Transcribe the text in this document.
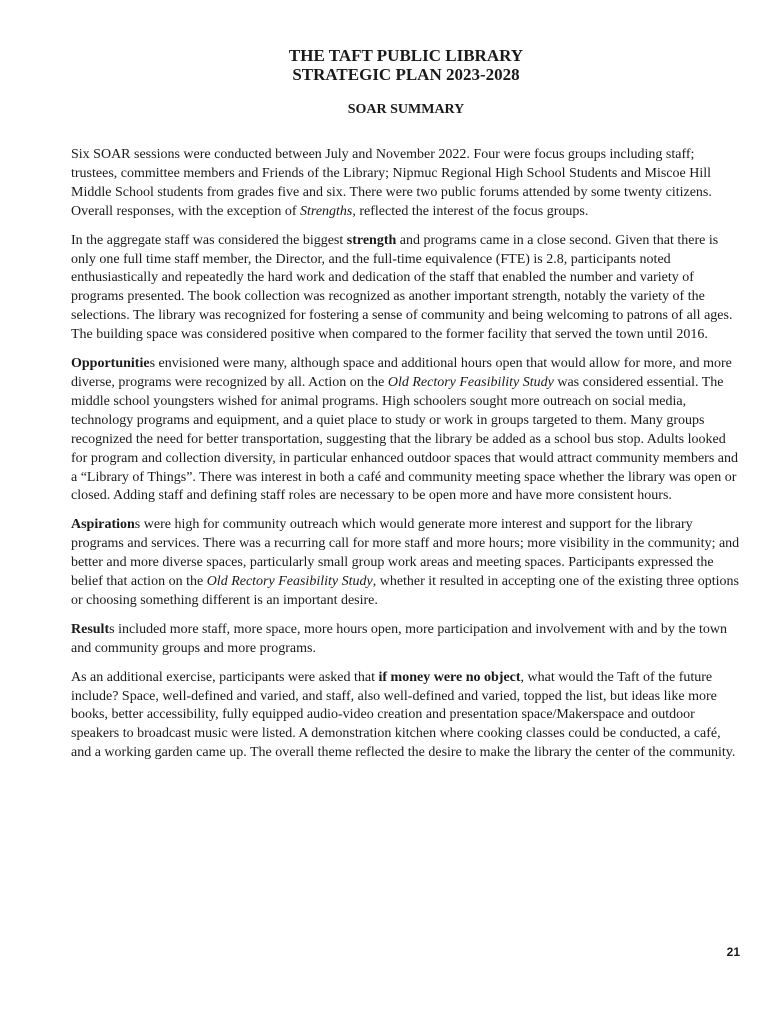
THE TAFT PUBLIC LIBRARY
STRATEGIC PLAN 2023-2028
SOAR SUMMARY

Six SOAR sessions were conducted between July and November 2022. Four were focus groups including staff; trustees, committee members and Friends of the Library; Nipmuc Regional High School Students and Miscoe Hill Middle School students from grades five and six. There were two public forums attended by some twenty citizens. Overall responses, with the exception of Strengths, reflected the interest of the focus groups.

In the aggregate staff was considered the biggest strength and programs came in a close second. Given that there is only one full time staff member, the Director, and the full-time equivalence (FTE) is 2.8, participants noted enthusiastically and repeatedly the hard work and dedication of the staff that enabled the number and variety of programs presented. The book collection was recognized as another important strength, notably the variety of the selections. The library was recognized for fostering a sense of community and being welcoming to patrons of all ages. The building space was considered positive when compared to the former facility that served the town until 2016.

Opportunities envisioned were many, although space and additional hours open that would allow for more, and more diverse, programs were recognized by all. Action on the Old Rectory Feasibility Study was considered essential. The middle school youngsters wished for animal programs. High schoolers sought more outreach on social media, technology programs and equipment, and a quiet place to study or work in groups targeted to them. Many groups recognized the need for better transportation, suggesting that the library be added as a school bus stop. Adults looked for program and collection diversity, in particular enhanced outdoor spaces that would attract community members and a “Library of Things”. There was interest in both a café and community meeting space whether the library was open or closed. Adding staff and defining staff roles are necessary to be open more and have more consistent hours.

Aspirations were high for community outreach which would generate more interest and support for the library programs and services. There was a recurring call for more staff and more hours; more visibility in the community; and better and more diverse spaces, particularly small group work areas and meeting spaces. Participants expressed the belief that action on the Old Rectory Feasibility Study, whether it resulted in accepting one of the existing three options or choosing something different is an important desire.

Results included more staff, more space, more hours open, more participation and involvement with and by the town and community groups and more programs.

As an additional exercise, participants were asked that if money were no object, what would the Taft of the future include? Space, well-defined and varied, and staff, also well-defined and varied, topped the list, but ideas like more books, better accessibility, fully equipped audio-video creation and presentation space/Makerspace and outdoor speakers to broadcast music were listed. A demonstration kitchen where cooking classes could be conducted, a café, and a working garden came up. The overall theme reflected the desire to make the library the center of the community.

21
